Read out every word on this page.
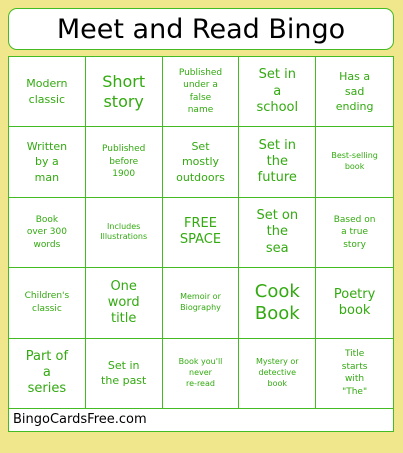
Meet and Read Bingo
Modern
classic
Short
story
Published
under a
false
name
Set in
a
school
Has a
sad
ending
Written
by a
man
Published
before
1900
Set
mostly
outdoors
Set in
the
future
Best-selling
book
Book
over 300
words
Includes
Illustrations
FREE
SPACE
Set on
the
sea
Based on
a true
story
Children's
classic
One
word
title
Memoir or
Biography
Cook
Book
Poetry
book
Part of
a
series
Set in
the past
Book you'll
never
re-read
Mystery or
detective
book
Title
starts
with
"The"
BingoCardsFree.com
